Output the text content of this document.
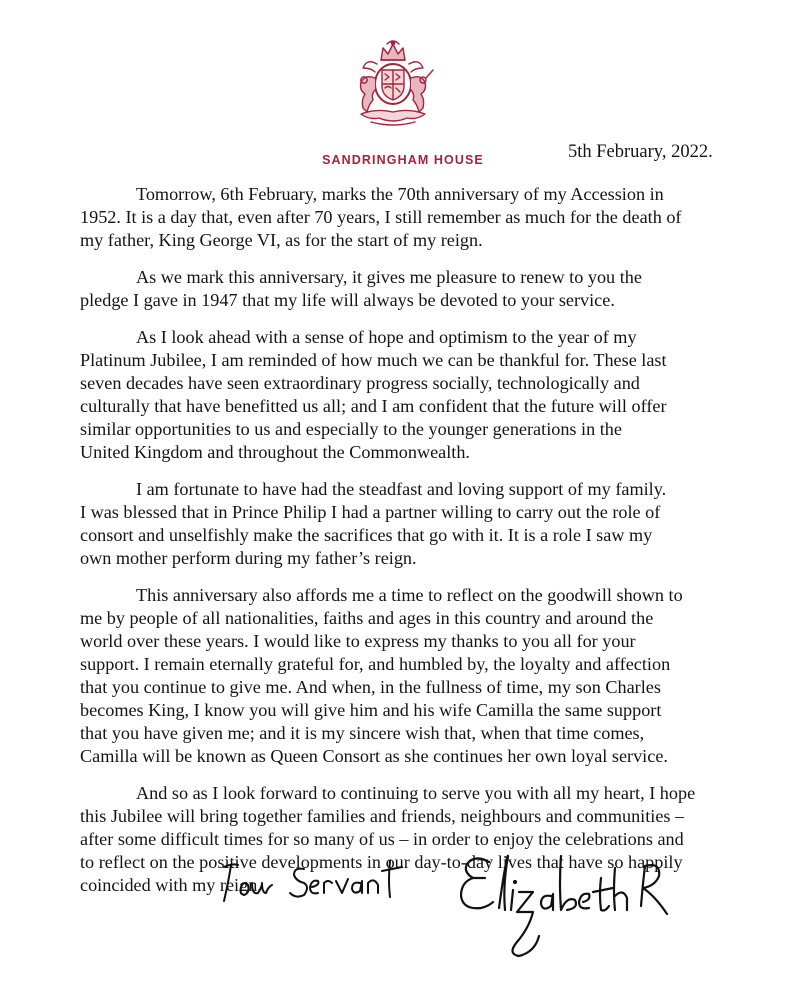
SANDRINGHAM HOUSE	5th February, 2022.

Tomorrow, 6th February, marks the 70th anniversary of my Accession in
1952. It is a day that, even after 70 years, I still remember as much for the death of
my father, King George VI, as for the start of my reign.

As we mark this anniversary, it gives me pleasure to renew to you the
pledge I gave in 1947 that my life will always be devoted to your service.

As I look ahead with a sense of hope and optimism to the year of my
Platinum Jubilee, I am reminded of how much we can be thankful for. These last
seven decades have seen extraordinary progress socially, technologically and
culturally that have benefitted us all; and I am confident that the future will offer
similar opportunities to us and especially to the younger generations in the
United Kingdom and throughout the Commonwealth.

I am fortunate to have had the steadfast and loving support of my family.
I was blessed that in Prince Philip I had a partner willing to carry out the role of
consort and unselfishly make the sacrifices that go with it. It is a role I saw my
own mother perform during my father’s reign.

This anniversary also affords me a time to reflect on the goodwill shown to
me by people of all nationalities, faiths and ages in this country and around the
world over these years. I would like to express my thanks to you all for your
support. I remain eternally grateful for, and humbled by, the loyalty and affection
that you continue to give me. And when, in the fullness of time, my son Charles
becomes King, I know you will give him and his wife Camilla the same support
that you have given me; and it is my sincere wish that, when that time comes,
Camilla will be known as Queen Consort as she continues her own loyal service.

And so as I look forward to continuing to serve you with all my heart, I hope
this Jubilee will bring together families and friends, neighbours and communities –
after some difficult times for so many of us – in order to enjoy the celebrations and
to reflect on the positive developments in our day-to-day lives that have so happily
coincided with my reign.
